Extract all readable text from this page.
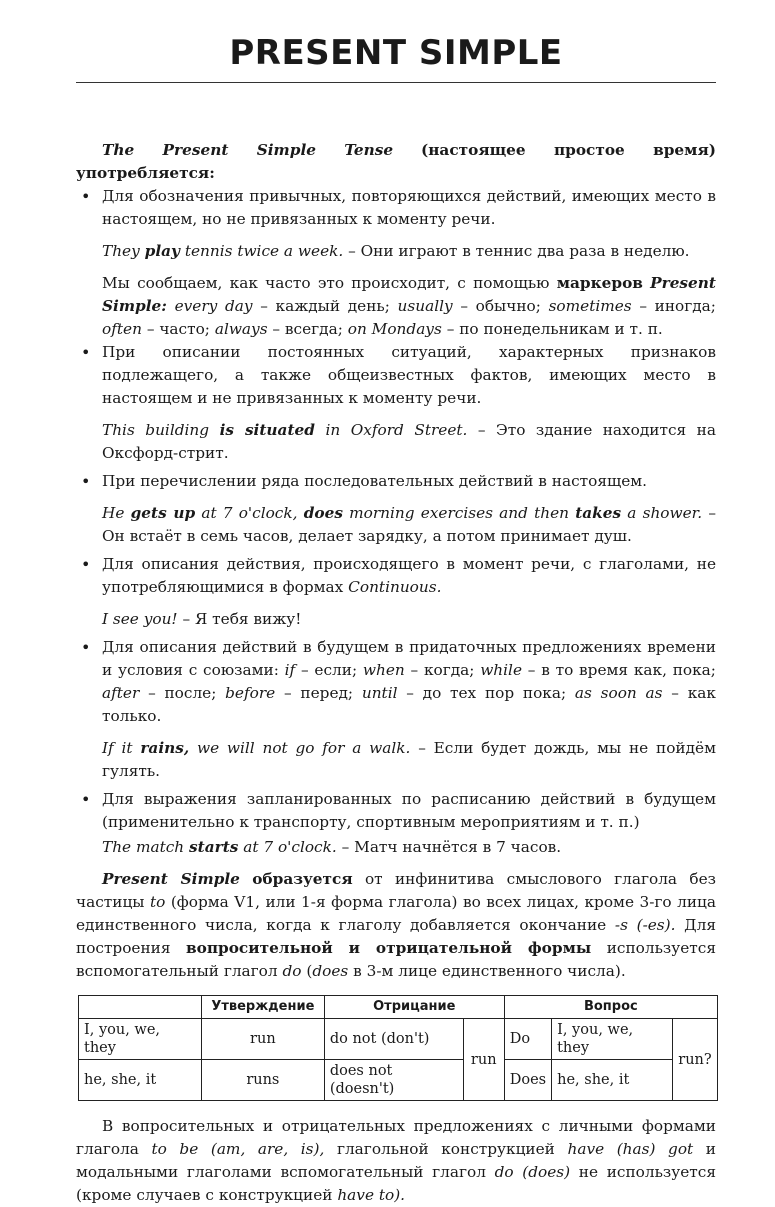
PRESENT SIMPLE

The Present Simple Tense (настоящее простое время) употребляется:

• Для обозначения привычных, повторяющихся действий, имеющих место в настоящем, но не привязанных к моменту речи.

They play tennis twice a week. – Они играют в теннис два раза в неделю.

Мы сообщаем, как часто это происходит, с помощью маркеров Present Simple: every day – каждый день; usually – обычно; sometimes – иногда; often – часто; always – всегда; on Mondays – по понедельникам и т. п.

• При описании постоянных ситуаций, характерных признаков подлежащего, а также общеизвестных фактов, имеющих место в настоящем и не привязанных к моменту речи.

This building is situated in Oxford Street. – Это здание находится на Оксфорд-стрит.

• При перечислении ряда последовательных действий в настоящем.

He gets up at 7 o'clock, does morning exercises and then takes a shower. – Он встаёт в семь часов, делает зарядку, а потом принимает душ.

• Для описания действия, происходящего в момент речи, с глаголами, не употребляющимися в формах Continuous.

I see you! – Я тебя вижу!

• Для описания действий в будущем в придаточных предложениях времени и условия с союзами: if – если; when – когда; while – в то время как, пока; after – после; before – перед; until – до тех пор пока; as soon as – как только.

If it rains, we will not go for a walk. – Если будет дождь, мы не пойдём гулять.

• Для выражения запланированных по расписанию действий в будущем (применительно к транспорту, спортивным мероприятиям и т. п.)

The match starts at 7 o'clock. – Матч начнётся в 7 часов.

Present Simple образуется от инфинитива смыслового глагола без частицы to (форма V1, или 1-я форма глагола) во всех лицах, кроме 3-го лица единственного числа, когда к глаголу добавляется окончание -s (-es). Для построения вопросительной и отрицательной формы используется вспомогательный глагол do (does в 3-м лице единственного числа).

	Утверждение	Отрицание		Вопрос		
I, you, we, they	run	do not (don't)	run	Do	I, you, we, they	run?
he, she, it	runs	does not (doesn't)		Does	he, she, it	

В вопросительных и отрицательных предложениях с личными формами глагола to be (am, are, is), глагольной конструкцией have (has) got и модальными глаголами вспомогательный глагол do (does) не используется (кроме случаев с конструкцией have to).
